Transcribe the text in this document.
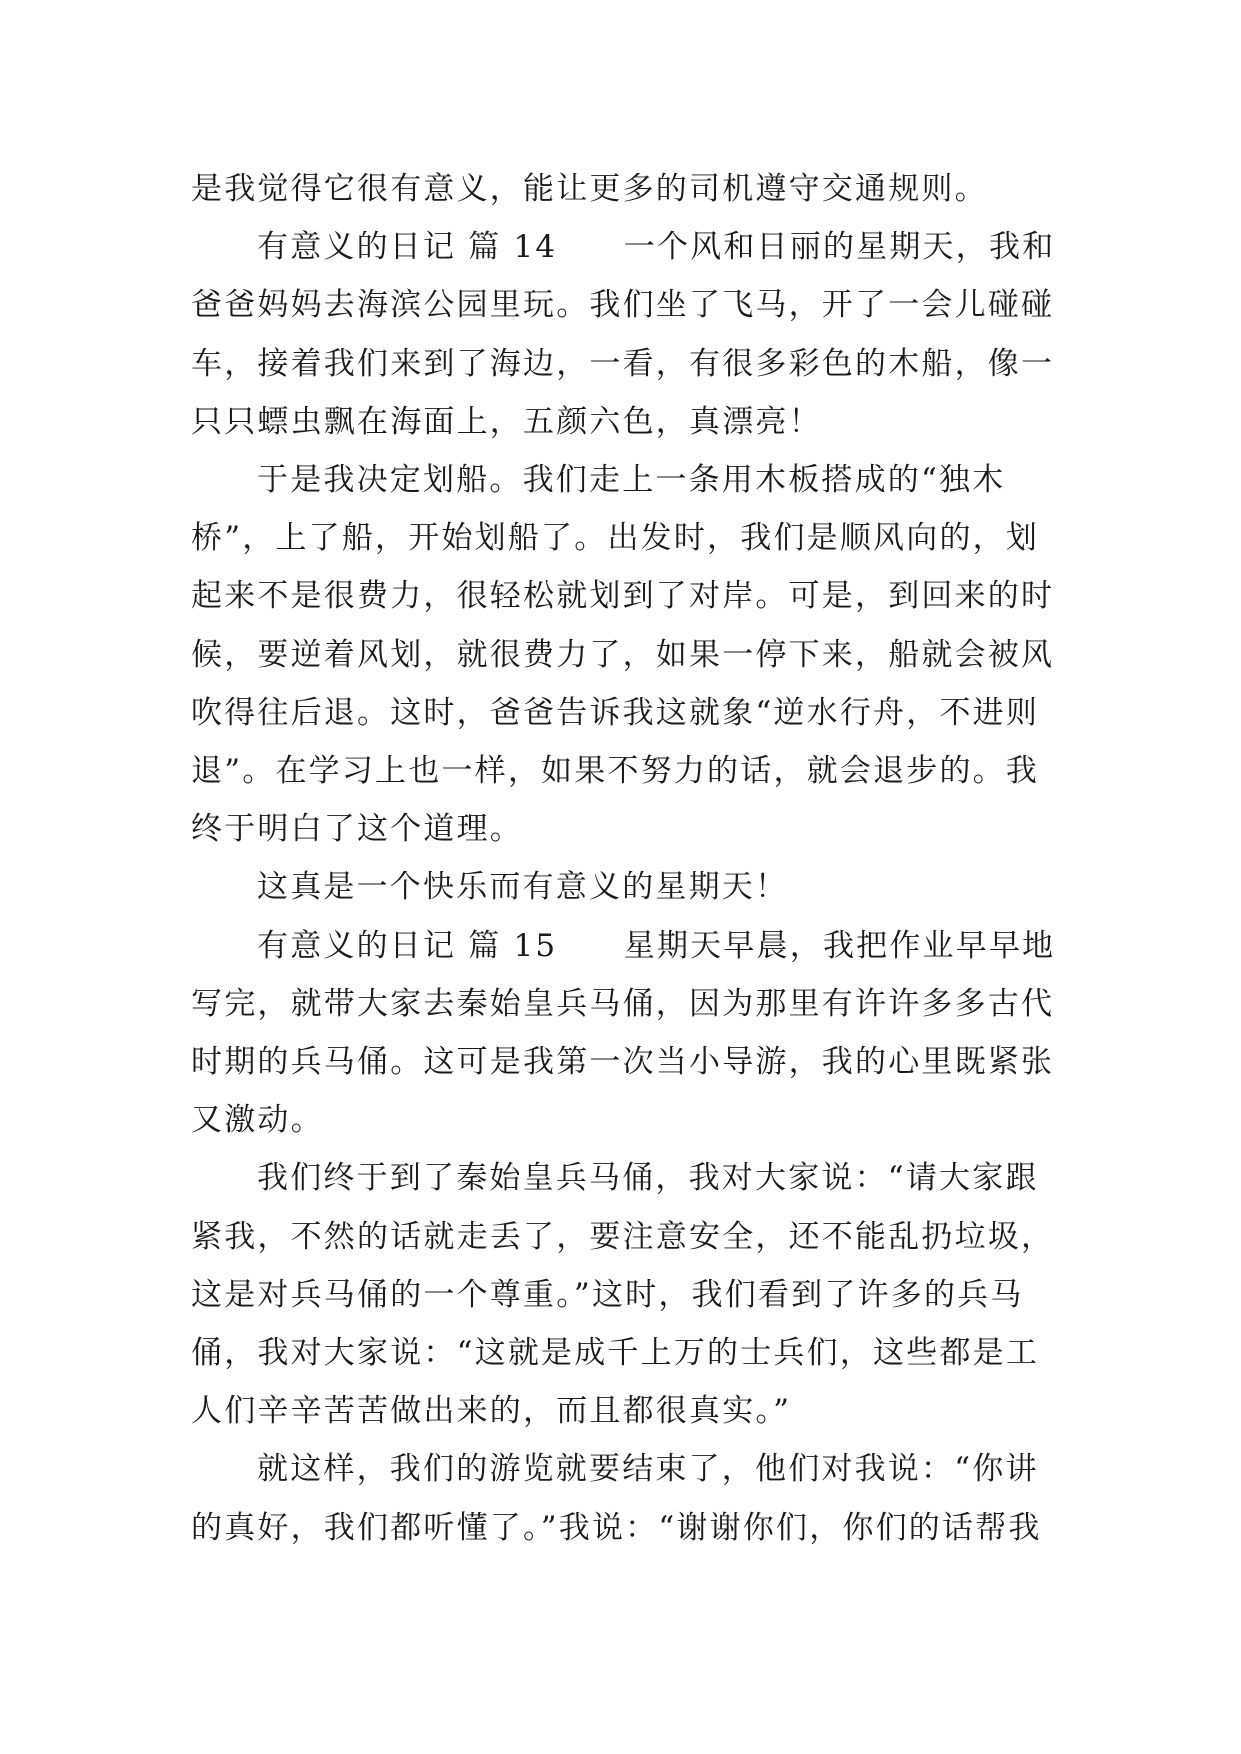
是我觉得它很有意义，能让更多的司机遵守交通规则。
有意义的日记 篇 14　　一个风和日丽的星期天，我和
爸爸妈妈去海滨公园里玩。我们坐了飞马，开了一会儿碰碰
车，接着我们来到了海边，一看，有很多彩色的木船，像一
只只螵虫飘在海面上，五颜六色，真漂亮！
于是我决定划船。我们走上一条用木板搭成的“独木
桥”，上了船，开始划船了。出发时，我们是顺风向的，划
起来不是很费力，很轻松就划到了对岸。可是，到回来的时
候，要逆着风划，就很费力了，如果一停下来，船就会被风
吹得往后退。这时，爸爸告诉我这就象“逆水行舟，不进则
退”。在学习上也一样，如果不努力的话，就会退步的。我
终于明白了这个道理。
这真是一个快乐而有意义的星期天！
有意义的日记 篇 15　　星期天早晨，我把作业早早地
写完，就带大家去秦始皇兵马俑，因为那里有许许多多古代
时期的兵马俑。这可是我第一次当小导游，我的心里既紧张
又激动。
我们终于到了秦始皇兵马俑，我对大家说：“请大家跟
紧我，不然的话就走丢了，要注意安全，还不能乱扔垃圾，
这是对兵马俑的一个尊重。”这时，我们看到了许多的兵马
俑，我对大家说：“这就是成千上万的士兵们，这些都是工
人们辛辛苦苦做出来的，而且都很真实。”
就这样，我们的游览就要结束了，他们对我说：“你讲
的真好，我们都听懂了。”我说：“谢谢你们，你们的话帮我
